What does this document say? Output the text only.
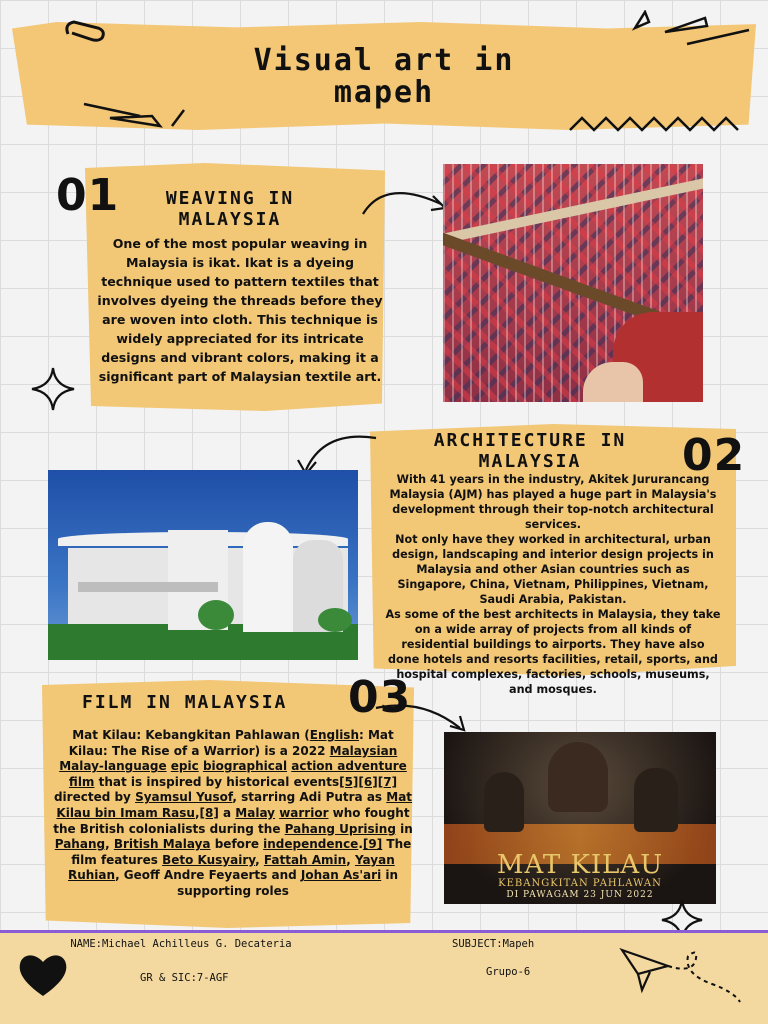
Visual art in
mapeh
01	WEAVING IN
MALAYSIA
One of the most popular weaving in Malaysia is ikat. Ikat is a dyeing technique used to pattern textiles that involves dyeing the threads before they are woven into cloth. This technique is widely appreciated for its intricate designs and vibrant colors, making it a significant part of Malaysian textile art.
ARCHITECTURE IN
MALAYSIA	02
With 41 years in the industry, Akitek Jururancang Malaysia (AJM) has played a huge part in Malaysia's development through their top-notch architectural services.
Not only have they worked in architectural, urban design, landscaping and interior design projects in Malaysia and other Asian countries such as Singapore, China, Vietnam, Philippines, Vietnam, Saudi Arabia, Pakistan.
As some of the best architects in Malaysia, they take on a wide array of projects from all kinds of residential buildings to airports. They have also done hotels and resorts facilities, retail, sports, and hospital complexes, factories, schools, museums, and mosques.
FILM IN MALAYSIA	03
Mat Kilau: Kebangkitan Pahlawan (English: Mat Kilau: The Rise of a Warrior) is a 2022 Malaysian Malay-language epic biographical action adventure film that is inspired by historical events[5][6][7] directed by Syamsul Yusof, starring Adi Putra as Mat Kilau bin Imam Rasu,[8] a Malay warrior who fought the British colonialists during the Pahang Uprising in Pahang, British Malaya before independence.[9] The film features Beto Kusyairy, Fattah Amin, Yayan Ruhian, Geoff Andre Feyaerts and Johan As'ari in supporting roles
MAT KILAU
KEBANGKITAN PAHLAWAN
DI PAWAGAM 23 JUN 2022
NAME:Michael Achilleus G. Decateria
GR & SIC:7-AGF
SUBJECT:Mapeh
Grupo-6
